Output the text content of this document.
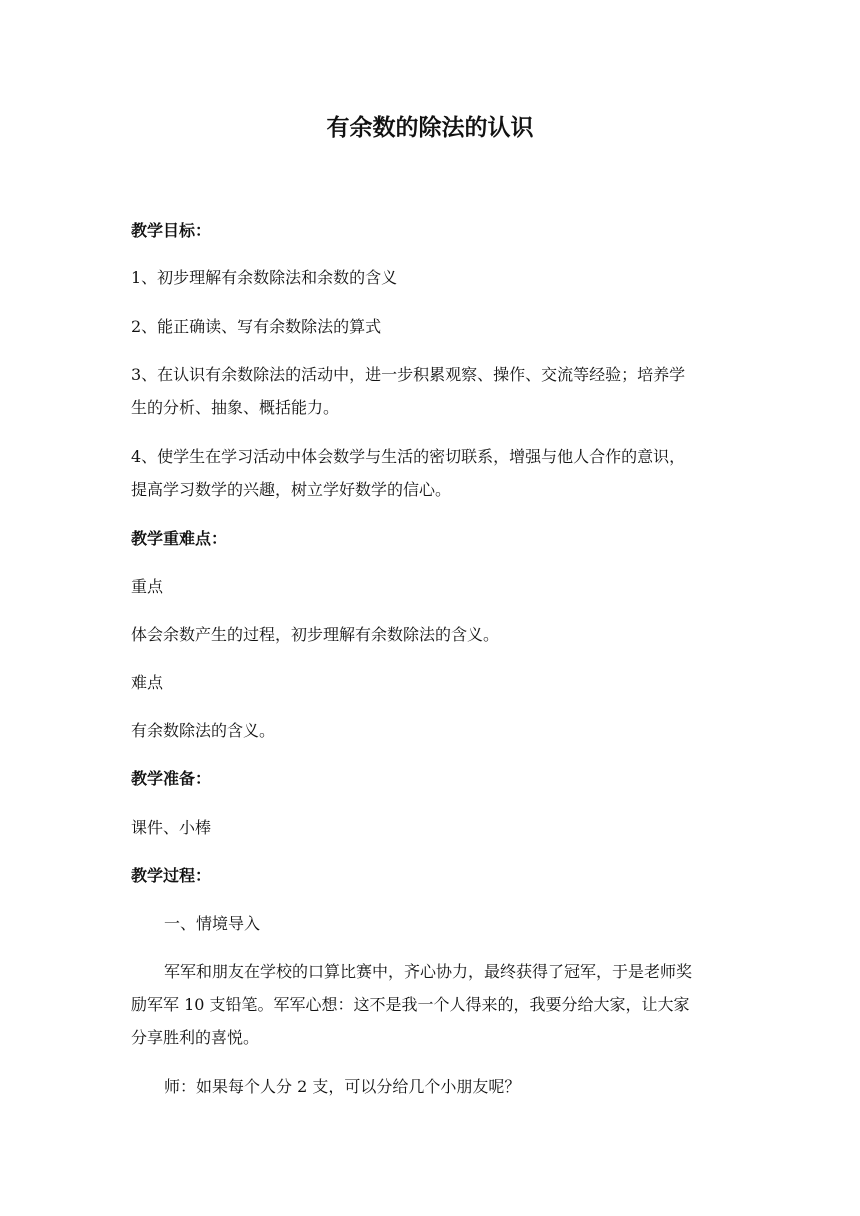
有余数的除法的认识
教学目标：
1、初步理解有余数除法和余数的含义
2、能正确读、写有余数除法的算式
3、在认识有余数除法的活动中，进一步积累观察、操作、交流等经验；培养学
生的分析、抽象、概括能力。
4、使学生在学习活动中体会数学与生活的密切联系，增强与他人合作的意识，
提高学习数学的兴趣，树立学好数学的信心。
教学重难点：
重点
体会余数产生的过程，初步理解有余数除法的含义。
难点
有余数除法的含义。
教学准备：
课件、小棒
教学过程：
一、情境导入
军军和朋友在学校的口算比赛中，齐心协力，最终获得了冠军，于是老师奖
励军军 10 支铅笔。军军心想：这不是我一个人得来的，我要分给大家，让大家
分享胜利的喜悦。
师：如果每个人分 2 支，可以分给几个小朋友呢？
